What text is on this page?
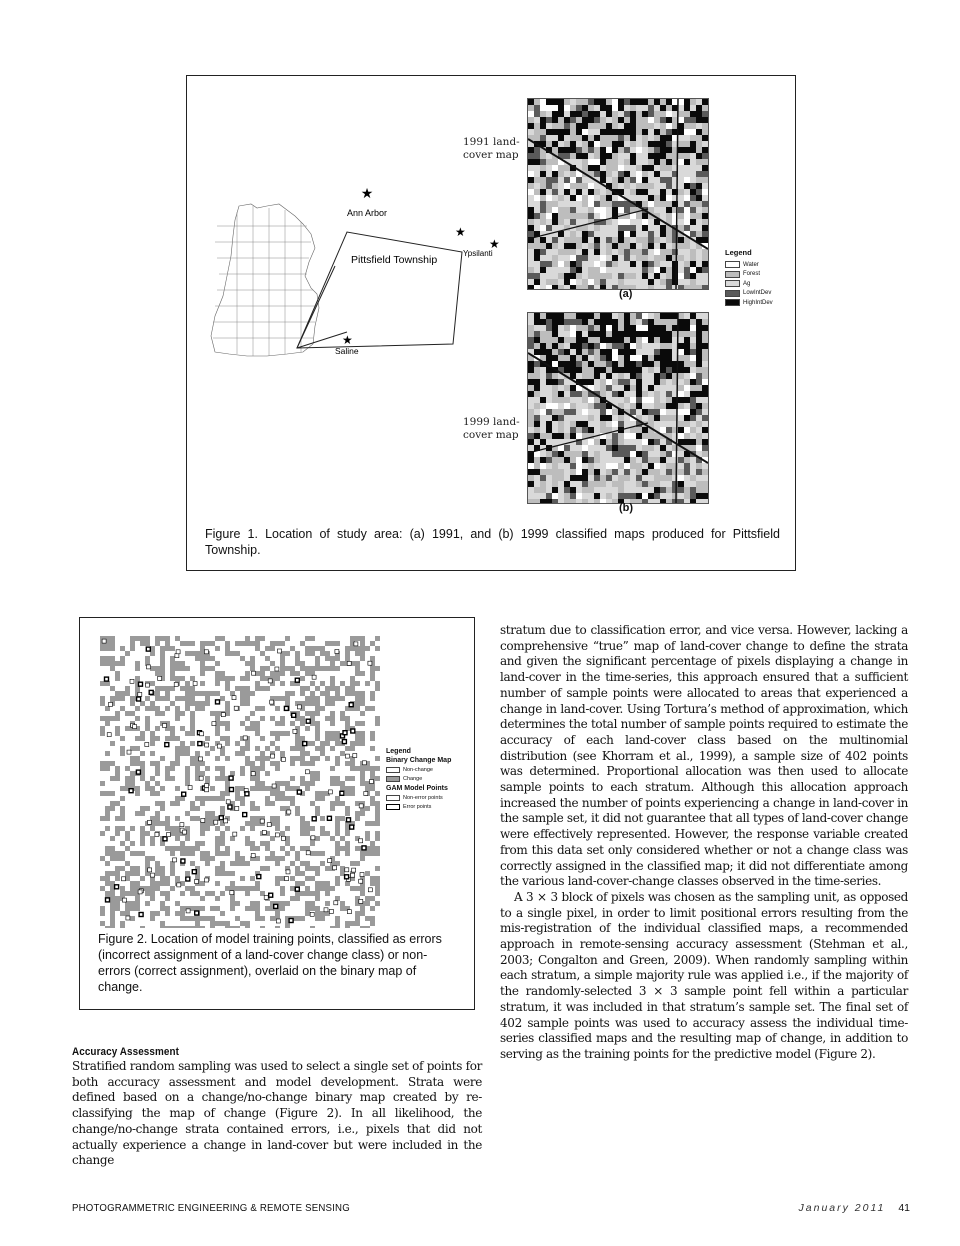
★
Ann Arbor
Pittsfield Township
★
★
Ypsilanti
★
Saline
1991 land-
cover map
1999 land-
cover map
(a)
(b)
Legend
Water
Forest
Ag
LowIntDev
HighIntDev
Figure 1. Location of study area: (a) 1991, and (b) 1999 classified maps produced for Pittsfield Township.
Legend
Binary Change Map
Non-change
Change
GAM Model Points
Non-error points
Error points
Figure 2. Location of model training points, classified as errors (incorrect assignment of a land-cover change class) or non-errors (correct assignment), overlaid on the binary map of change.
Accuracy Assessment

Stratified random sampling was used to select a single set of points for both accuracy assessment and model development. Strata were defined based on a change/no-change binary map created by re-classifying the map of change (Figure 2). In all likelihood, the change/no-change strata contained errors, i.e., pixels that did not actually experience a change in land-cover but were included in the change

stratum due to classification error, and vice versa. However, lacking a comprehensive “true” map of land-cover change to define the strata and given the significant percentage of pixels displaying a change in land-cover in the time-series, this approach ensured that a sufficient number of sample points were allocated to areas that experienced a change in land-cover. Using Tortura’s method of approximation, which determines the total number of sample points required to estimate the accuracy of each land-cover class based on the multinomial distribution (see Khorram et al., 1999), a sample size of 402 points was determined. Proportional allocation was then used to allocate sample points to each stratum. Although this allocation approach increased the number of points experiencing a change in land-cover in the sample set, it did not guarantee that all types of land-cover change were effectively represented. However, the response variable created from this data set only considered whether or not a change class was correctly assigned in the classified map; it did not differentiate among the various land-cover-change classes observed in the time-series.

A 3 × 3 block of pixels was chosen as the sampling unit, as opposed to a single pixel, in order to limit positional errors resulting from the mis-registration of the individual classified maps, a recommended approach in remote-sensing accuracy assessment (Stehman et al., 2003; Congalton and Green, 2009). When randomly sampling within each stratum, a simple majority rule was applied i.e., if the majority of the randomly-selected 3 × 3 sample point fell within a particular stratum, it was included in that stratum’s sample set. The final set of 402 sample points was used to accuracy assess the individual time-series classified maps and the resulting map of change, in addition to serving as the training points for the predictive model (Figure 2).

PHOTOGRAMMETRIC ENGINEERING & REMOTE SENSING	January 2011 41
